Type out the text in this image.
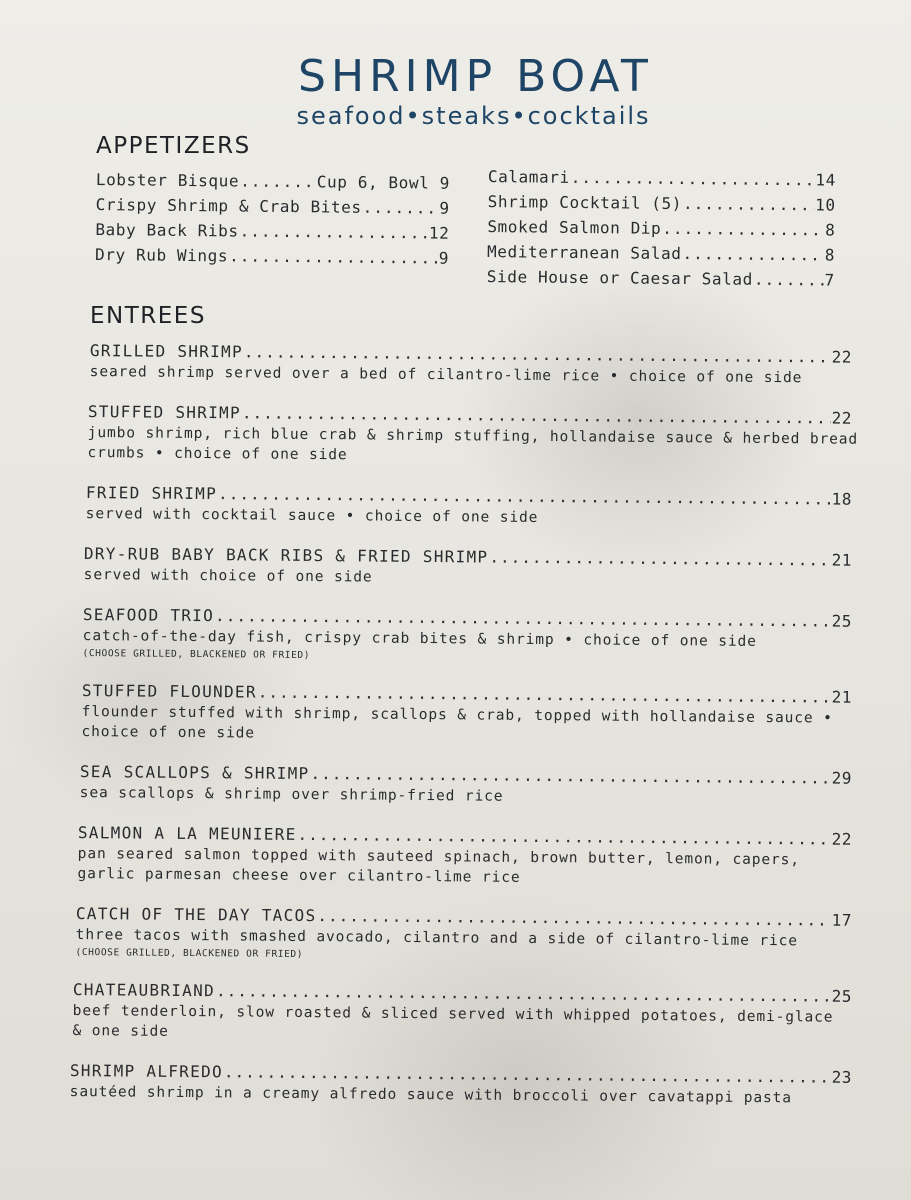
SHRIMP BOAT
seafood•steaks•cocktails
APPETIZERS
Lobster Bisque .....	Cup 6, Bowl 9
Crispy Shrimp & Crab Bites .....	9
Baby Back Ribs .....	12
Dry Rub Wings .....	9
Calamari .....	14
Shrimp Cocktail (5) .....	10
Smoked Salmon Dip .....	8
Mediterranean Salad .....	8
Side House or Caesar Salad .....	7
ENTREES
GRILLED SHRIMP .....	22
seared shrimp served over a bed of cilantro-lime rice • choice of one side
STUFFED SHRIMP .....	22
jumbo shrimp, rich blue crab & shrimp stuffing, hollandaise sauce & herbed bread crumbs • choice of one side
FRIED SHRIMP .....	18
served with cocktail sauce • choice of one side
DRY-RUB BABY BACK RIBS & FRIED SHRIMP .....	21
served with choice of one side
SEAFOOD TRIO .....	25
catch-of-the-day fish, crispy crab bites & shrimp • choice of one side
(CHOOSE GRILLED, BLACKENED OR FRIED)
STUFFED FLOUNDER .....	21
flounder stuffed with shrimp, scallops & crab, topped with hollandaise sauce • choice of one side
SEA SCALLOPS & SHRIMP .....	29
sea scallops & shrimp over shrimp-fried rice
SALMON A LA MEUNIERE .....	22
pan seared salmon topped with sauteed spinach, brown butter, lemon, capers, garlic parmesan cheese over cilantro-lime rice
CATCH OF THE DAY TACOS .....	17
three tacos with smashed avocado, cilantro and a side of cilantro-lime rice
(CHOOSE GRILLED, BLACKENED OR FRIED)
CHATEAUBRIAND .....	25
beef tenderloin, slow roasted & sliced served with whipped potatoes, demi-glace & one side
SHRIMP ALFREDO .....	23
sautéed shrimp in a creamy alfredo sauce with broccoli over cavatappi pasta
